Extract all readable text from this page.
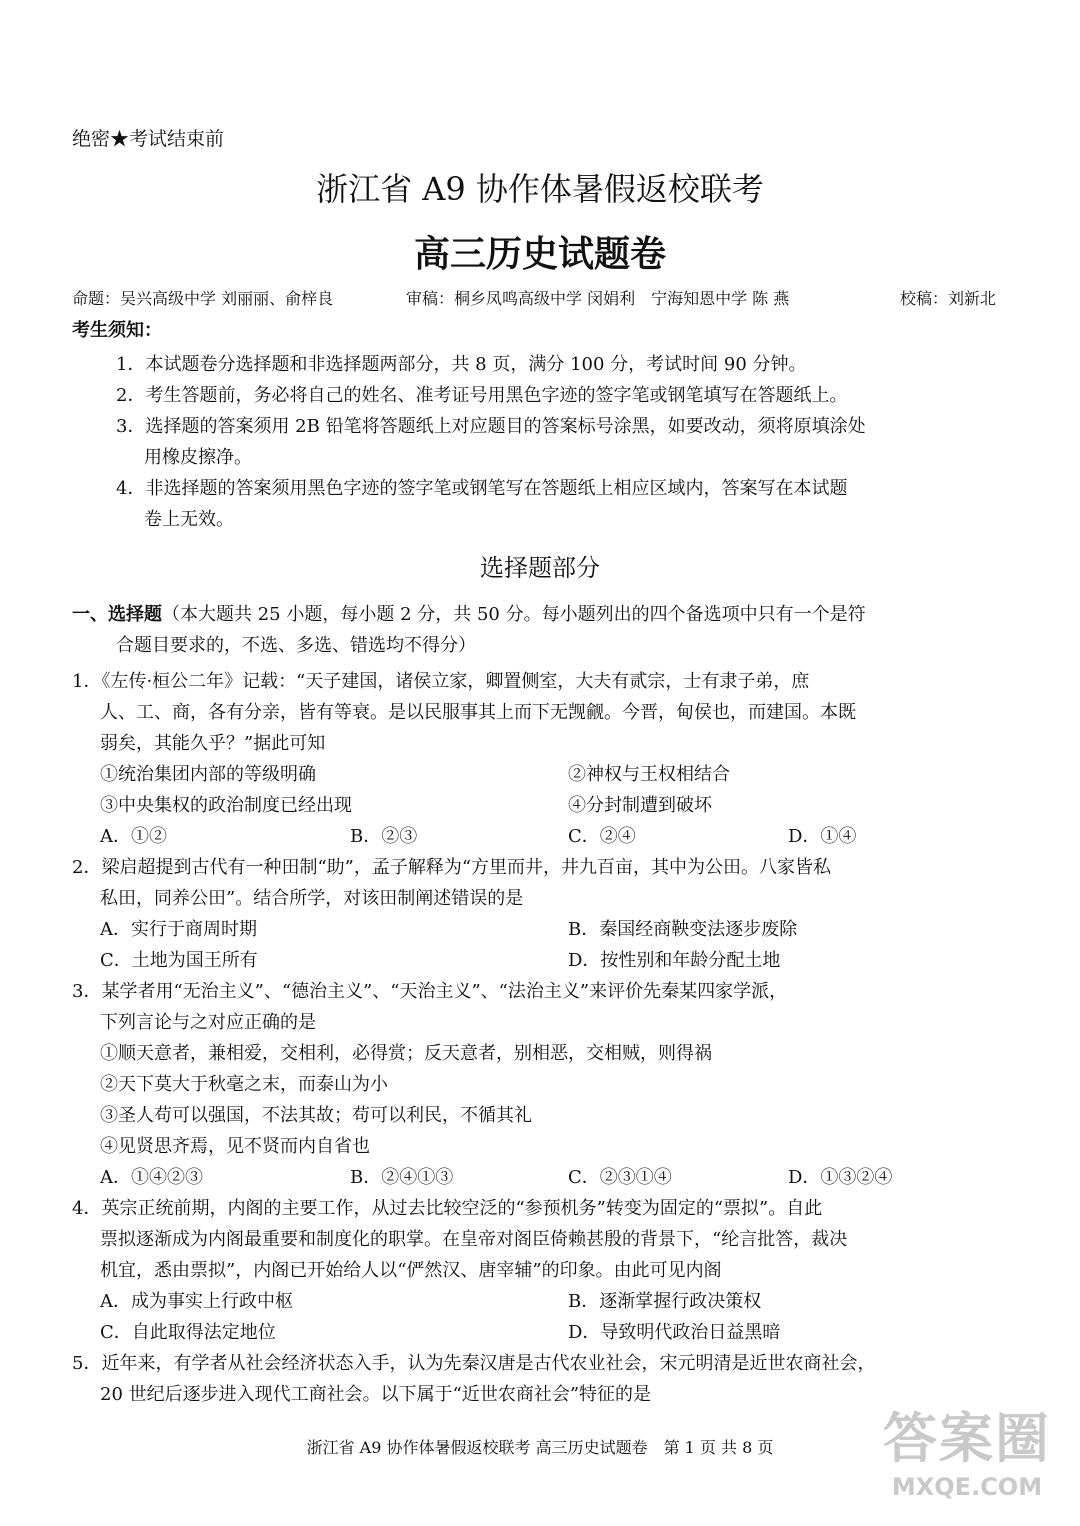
绝密★考试结束前
浙江省 A9 协作体暑假返校联考
高三历史试题卷
命题：吴兴高级中学 刘丽丽、俞梓良	审稿：桐乡凤鸣高级中学 闵娟利　宁海知恩中学 陈 燕	校稿：刘新北
考生须知：
1．本试题卷分选择题和非选择题两部分，共 8 页，满分 100 分，考试时间 90 分钟。
2．考生答题前，务必将自己的姓名、准考证号用黑色字迹的签字笔或钢笔填写在答题纸上。
3．选择题的答案须用 2B 铅笔将答题纸上对应题目的答案标号涂黑，如要改动，须将原填涂处
用橡皮擦净。
4．非选择题的答案须用黑色字迹的签字笔或钢笔写在答题纸上相应区域内，答案写在本试题
卷上无效。
选择题部分
一、选择题（本大题共 25 小题，每小题 2 分，共 50 分。每小题列出的四个备选项中只有一个是符
合题目要求的，不选、多选、错选均不得分）
1．《左传·桓公二年》记载：“天子建国，诸侯立家，卿置侧室，大夫有贰宗，士有隶子弟，庶
人、工、商，各有分亲，皆有等衰。是以民服事其上而下无觊觎。今晋，甸侯也，而建国。本既
弱矣，其能久乎？”据此可知
①统治集团内部的等级明确	②神权与王权相结合
③中央集权的政治制度已经出现	④分封制遭到破坏
A．①②	B．②③	C．②④	D．①④
2．梁启超提到古代有一种田制“助”，孟子解释为“方里而井，井九百亩，其中为公田。八家皆私
私田，同养公田”。结合所学，对该田制阐述错误的是
A．实行于商周时期	B．秦国经商鞅变法逐步废除
C．土地为国王所有	D．按性别和年龄分配土地
3．某学者用“无治主义”、“德治主义”、“天治主义”、“法治主义”来评价先秦某四家学派，
下列言论与之对应正确的是
①顺天意者，兼相爱，交相利，必得赏；反天意者，别相恶，交相贼，则得祸
②天下莫大于秋毫之末，而泰山为小
③圣人苟可以强国，不法其故；苟可以利民，不循其礼
④见贤思齐焉，见不贤而内自省也
A．①④②③	B．②④①③	C．②③①④	D．①③②④
4．英宗正统前期，内阁的主要工作，从过去比较空泛的“参预机务”转变为固定的“票拟”。自此
票拟逐渐成为内阁最重要和制度化的职掌。在皇帝对阁臣倚赖甚殷的背景下，“纶言批答，裁决
机宜，悉由票拟”，内阁已开始给人以“俨然汉、唐宰辅”的印象。由此可见内阁
A．成为事实上行政中枢	B．逐渐掌握行政决策权
C．自此取得法定地位	D．导致明代政治日益黑暗
5．近年来，有学者从社会经济状态入手，认为先秦汉唐是古代农业社会，宋元明清是近世农商社会，
20 世纪后逐步进入现代工商社会。以下属于“近世农商社会”特征的是
浙江省 A9 协作体暑假返校联考 高三历史试题卷　第 1 页 共 8 页	答案圈
MXQE.COM
